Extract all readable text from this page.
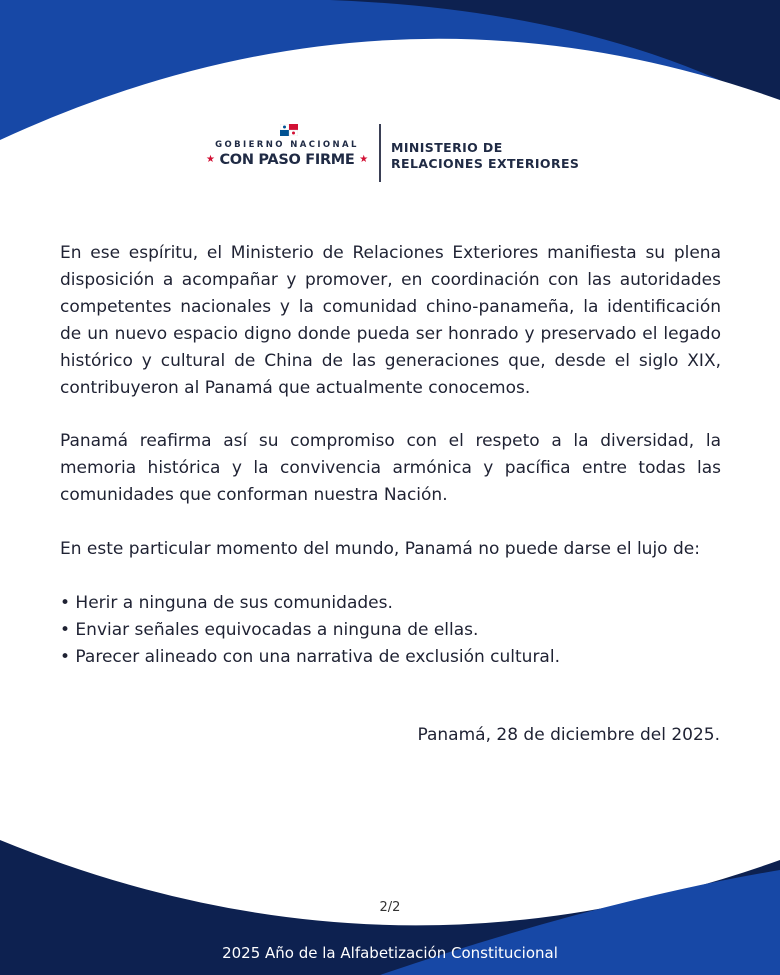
GOBIERNO NACIONAL
★ CON PASO FIRME ★
MINISTERIO DE
RELACIONES EXTERIORES

En ese espíritu, el Ministerio de Relaciones Exteriores manifiesta su plena disposición a acompañar y promover, en coordinación con las autoridades competentes nacionales y la comunidad chino-panameña, la identificación de un nuevo espacio digno donde pueda ser honrado y preservado el legado histórico y cultural de China de las generaciones que, desde el siglo XIX, contribuyeron al Panamá que actualmente conocemos.

Panamá reafirma así su compromiso con el respeto a la diversidad, la memoria histórica y la convivencia armónica y pacífica entre todas las comunidades que conforman nuestra Nación.

En este particular momento del mundo, Panamá no puede darse el lujo de:

• Herir a ninguna de sus comunidades.
• Enviar señales equivocadas a ninguna de ellas.
• Parecer alineado con una narrativa de exclusión cultural.
Panamá, 28 de diciembre del 2025.
2/2
2025 Año de la Alfabetización Constitucional
